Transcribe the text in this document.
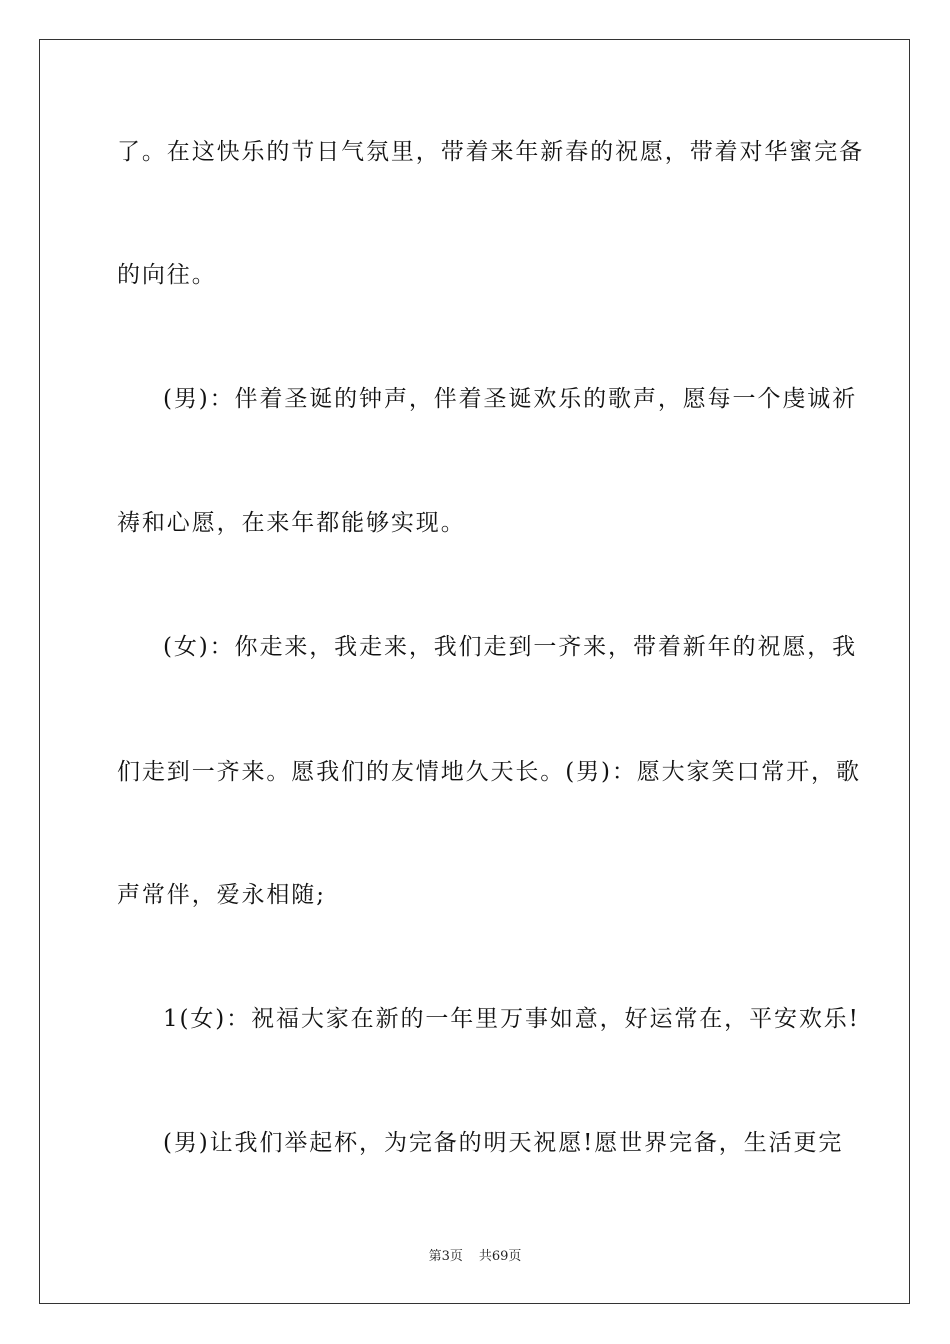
了。在这快乐的节日气氛里，带着来年新春的祝愿，带着对华蜜完备
的向往。
(男)：伴着圣诞的钟声，伴着圣诞欢乐的歌声，愿每一个虔诚祈
祷和心愿，在来年都能够实现。
(女)：你走来，我走来，我们走到一齐来，带着新年的祝愿，我
们走到一齐来。愿我们的友情地久天长。(男)：愿大家笑口常开，歌
声常伴，爱永相随;
1(女)：祝福大家在新的一年里万事如意，好运常在，平安欢乐!
(男)让我们举起杯，为完备的明天祝愿!愿世界完备，生活更完
第3页 共69页
